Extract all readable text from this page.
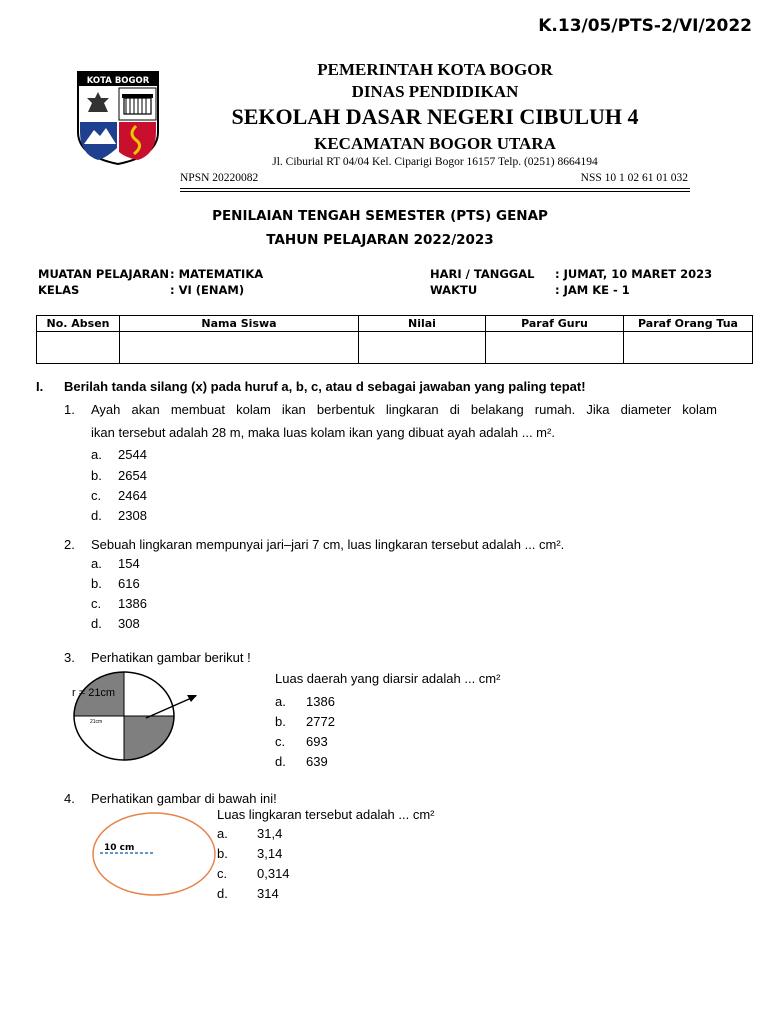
K.13/05/PTS-2/VI/2022
KOTA BOGOR
PEMERINTAH KOTA BOGOR
DINAS PENDIDIKAN
SEKOLAH DASAR NEGERI CIBULUH 4
KECAMATAN BOGOR UTARA
Jl. Ciburial RT 04/04 Kel. Ciparigi Bogor 16157 Telp. (0251) 8664194
NPSN 20220082	NSS 10 1 02 61 01 032
PENILAIAN TENGAH SEMESTER (PTS) GENAP
TAHUN PELAJARAN 2022/2023
MUATAN PELAJARAN : MATEMATIKA
KELAS	: VI (ENAM)
HARI / TANGGAL : JUMAT, 10 MARET 2023
WAKTU	: JAM KE - 1
No. Absen	Nama Siswa	Nilai	Paraf Guru	Paraf Orang Tua

I. Berilah tanda silang (x) pada huruf a, b, c, atau d sebagai jawaban yang paling tepat!
1. Ayah akan membuat kolam ikan berbentuk lingkaran di belakang rumah. Jika diameter kolam
ikan tersebut adalah 28 m, maka luas kolam ikan yang dibuat ayah adalah ... m².
a. 2544
b. 2654
c. 2464
d. 2308
2. Sebuah lingkaran mempunyai jari–jari 7 cm, luas lingkaran tersebut adalah ... cm².
a. 154
b. 616
c. 1386
d. 308
3. Perhatikan gambar berikut !
Luas daerah yang diarsir adalah ... cm²
r = 21cm
21cm
a. 1386
b. 2772
c. 693
d. 639
4. Perhatikan gambar di bawah ini!
Luas lingkaran tersebut adalah ... cm²
10 cm
a. 31,4
b. 3,14
c. 0,314
d. 314
